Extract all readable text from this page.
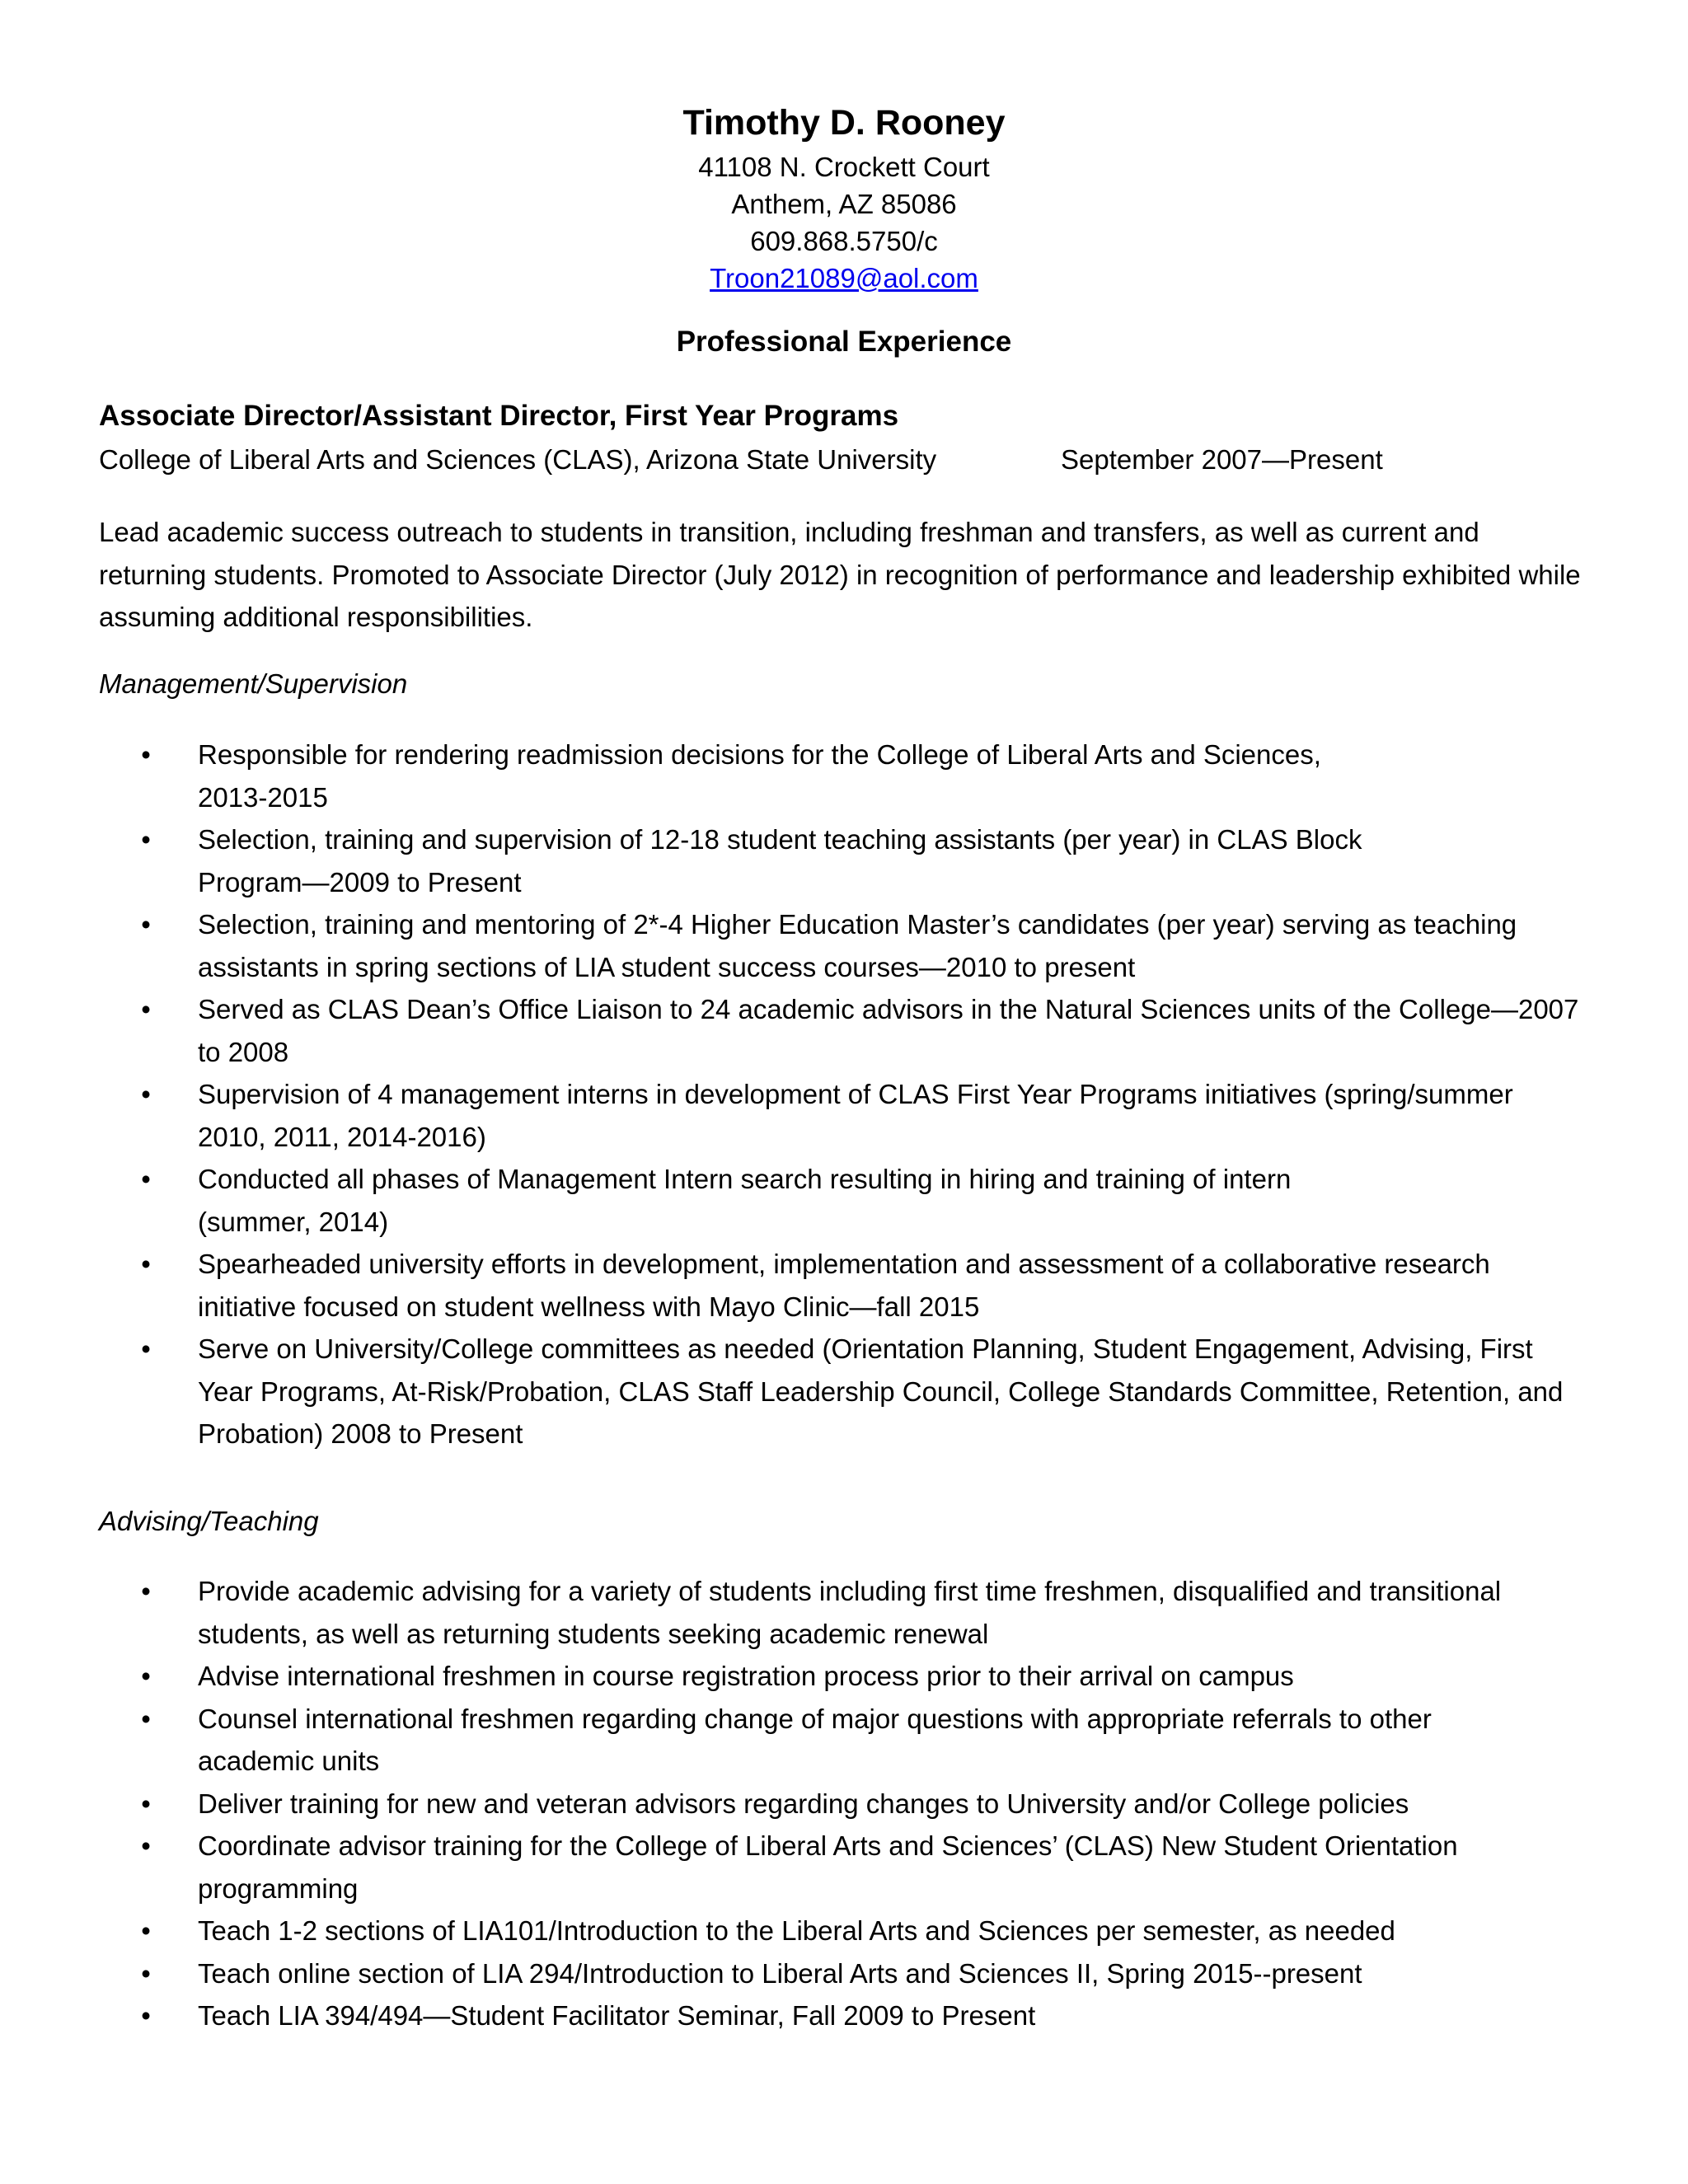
Timothy D. Rooney

41108 N. Crockett Court

Anthem, AZ 85086

609.868.5750/c

Troon21089@aol.com

Professional Experience

Associate Director/Assistant Director, First Year Programs

College of Liberal Arts and Sciences (CLAS), Arizona State University	September 2007—Present

Lead academic success outreach to students in transition, including freshman and transfers, as well as current and returning students. Promoted to Associate Director (July 2012) in recognition of performance and leadership exhibited while assuming additional responsibilities.

Management/Supervision

• Responsible for rendering readmission decisions for the College of Liberal Arts and Sciences,
2013-2015
• Selection, training and supervision of 12-18 student teaching assistants (per year) in CLAS Block
Program—2009 to Present
• Selection, training and mentoring of 2*-4 Higher Education Master’s candidates (per year) serving as teaching
assistants in spring sections of LIA student success courses—2010 to present
• Served as CLAS Dean’s Office Liaison to 24 academic advisors in the Natural Sciences units of the College—2007
to 2008
• Supervision of 4 management interns in development of CLAS First Year Programs initiatives (spring/summer
2010, 2011, 2014-2016)
• Conducted all phases of Management Intern search resulting in hiring and training of intern
(summer, 2014)
• Spearheaded university efforts in development, implementation and assessment of a collaborative research
initiative focused on student wellness with Mayo Clinic—fall 2015
• Serve on University/College committees as needed (Orientation Planning, Student Engagement, Advising, First
Year Programs, At-Risk/Probation, CLAS Staff Leadership Council, College Standards Committee, Retention, and
Probation) 2008 to Present

Advising/Teaching

• Provide academic advising for a variety of students including first time freshmen, disqualified and transitional
students, as well as returning students seeking academic renewal
• Advise international freshmen in course registration process prior to their arrival on campus
• Counsel international freshmen regarding change of major questions with appropriate referrals to other
academic units
• Deliver training for new and veteran advisors regarding changes to University and/or College policies
• Coordinate advisor training for the College of Liberal Arts and Sciences’ (CLAS) New Student Orientation
programming
• Teach 1-2 sections of LIA101/Introduction to the Liberal Arts and Sciences per semester, as needed
• Teach online section of LIA 294/Introduction to Liberal Arts and Sciences II, Spring 2015--present
• Teach LIA 394/494—Student Facilitator Seminar, Fall 2009 to Present
